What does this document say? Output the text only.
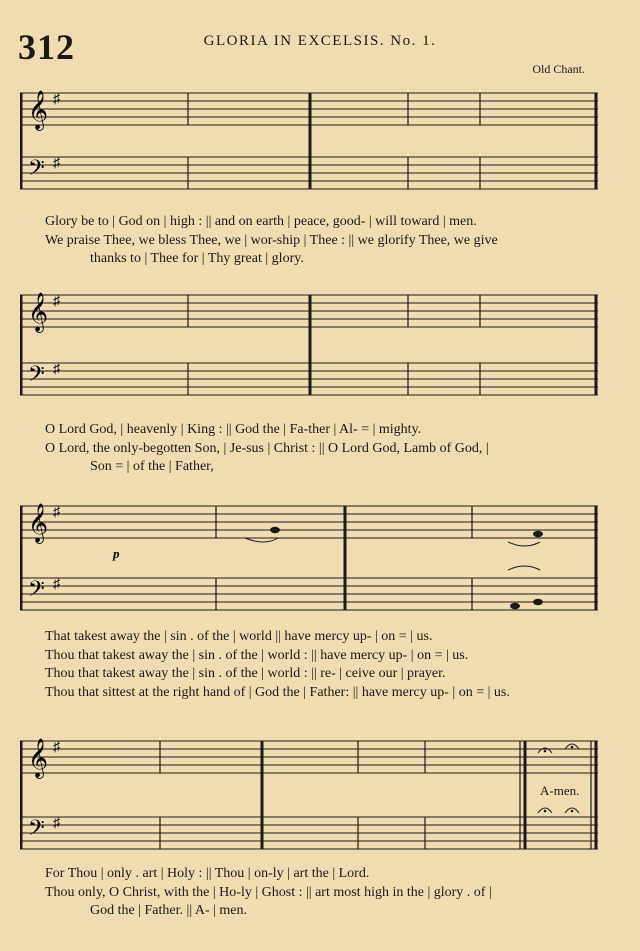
312	GLORIA IN EXCELSIS. No. 1.
Old Chant.
𝄞
𝄢
♯
♯
Glory be to | God on | high : || and on earth | peace, good- | will toward | men.
We praise Thee, we bless Thee, we | wor-ship | Thee : || we glorify Thee, we give
thanks to | Thee for | Thy great | glory.
𝄞
𝄢
♯
♯
O Lord God, | heavenly | King : || God the | Fa-ther | Al- = | mighty.
O Lord, the only-begotten Son, | Je-sus | Christ : || O Lord God, Lamb of God, |
Son = | of the | Father,
𝄞
𝄢
♯
♯
p
That takest away the | sin . of the | world || have mercy up- | on = | us.
Thou that takest away the | sin . of the | world : || have mercy up- | on = | us.
Thou that takest away the | sin . of the | world : || re- | ceive our | prayer.
Thou that sittest at the right hand of | God the | Father: || have mercy up- | on = | us.
𝄞
𝄢
♯
♯
A-men.
For Thou | only . art | Holy : || Thou | on-ly | art the | Lord.
Thou only, O Christ, with the | Ho-ly | Ghost : || art most high in the | glory . of |
God the | Father. || A- | men.
